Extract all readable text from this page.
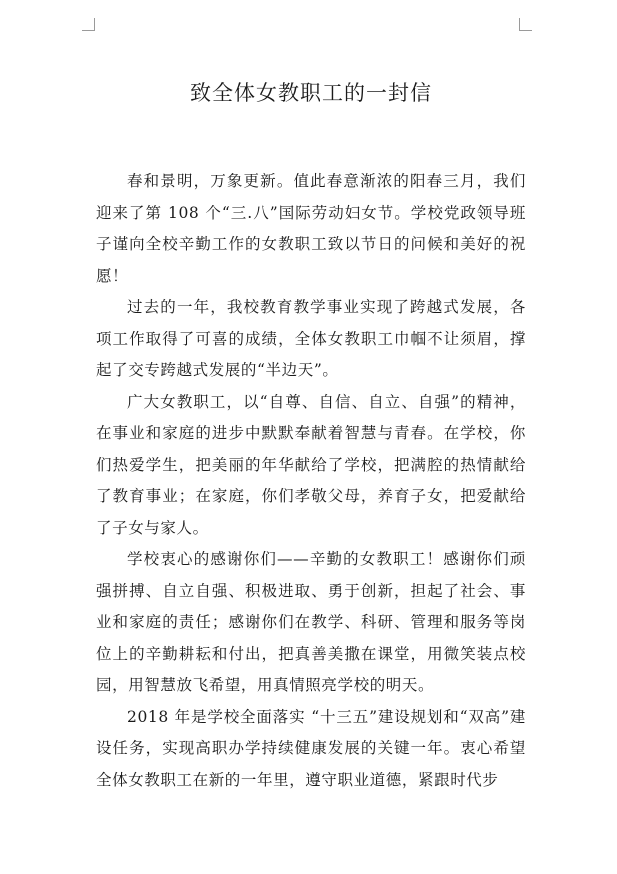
致全体女教职工的一封信

春和景明，万象更新。值此春意渐浓的阳春三月，我们迎来了第 108 个“三.八”国际劳动妇女节。学校党政领导班子谨向全校辛勤工作的女教职工致以节日的问候和美好的祝愿！

过去的一年，我校教育教学事业实现了跨越式发展，各项工作取得了可喜的成绩，全体女教职工巾帼不让须眉，撑起了交专跨越式发展的“半边天”。

广大女教职工，以“自尊、自信、自立、自强”的精神，在事业和家庭的进步中默默奉献着智慧与青春。在学校，你们热爱学生，把美丽的年华献给了学校，把满腔的热情献给了教育事业；在家庭，你们孝敬父母，养育子女，把爱献给了子女与家人。

学校衷心的感谢你们——辛勤的女教职工！感谢你们顽强拼搏、自立自强、积极进取、勇于创新，担起了社会、事业和家庭的责任；感谢你们在教学、科研、管理和服务等岗位上的辛勤耕耘和付出，把真善美撒在课堂，用微笑装点校园，用智慧放飞希望，用真情照亮学校的明天。

2018 年是学校全面落实 “十三五”建设规划和“双高”建设任务，实现高职办学持续健康发展的关键一年。衷心希望全体女教职工在新的一年里，遵守职业道德，紧跟时代步
